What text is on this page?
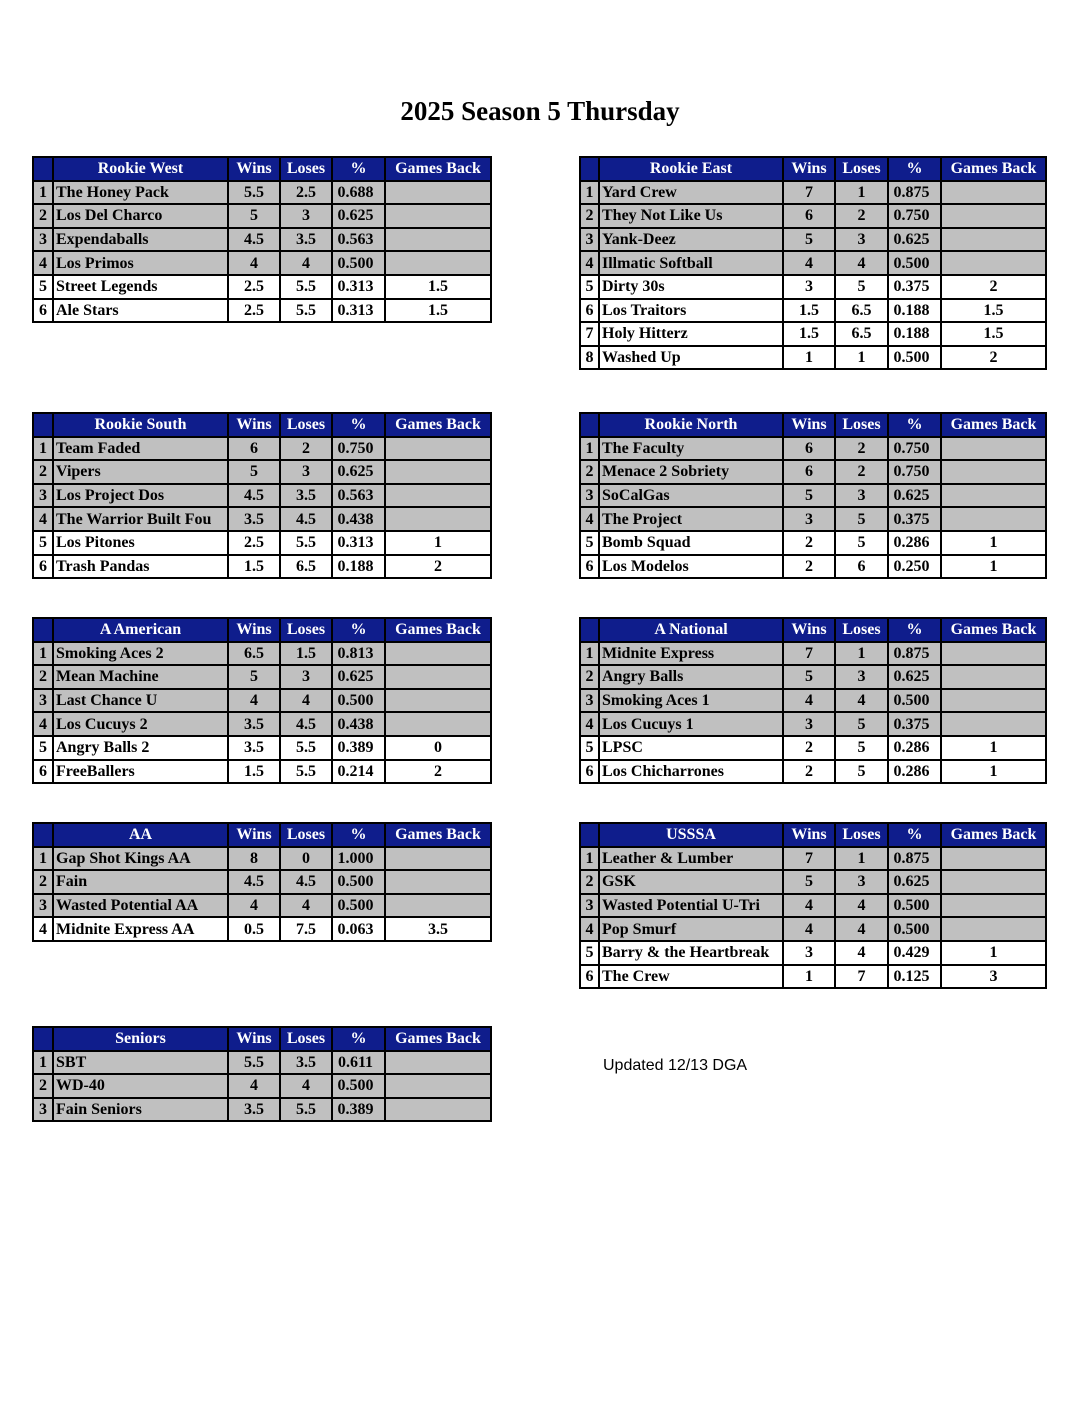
2025 Season 5 Thursday
Updated 12/13 DGA
	Rookie West	Wins	Loses	%	Games Back
1	The Honey Pack	5.5	2.5	0.688	
2	Los Del Charco	5	3	0.625	
3	Expendaballs	4.5	3.5	0.563	
4	Los Primos	4	4	0.500	
5	Street Legends	2.5	5.5	0.313	1.5
6	Ale Stars	2.5	5.5	0.313	1.5
	Rookie East	Wins	Loses	%	Games Back
1	Yard Crew	7	1	0.875	
2	They Not Like Us	6	2	0.750	
3	Yank-Deez	5	3	0.625	
4	Illmatic Softball	4	4	0.500	
5	Dirty 30s	3	5	0.375	2
6	Los Traitors	1.5	6.5	0.188	1.5
7	Holy Hitterz	1.5	6.5	0.188	1.5
8	Washed Up	1	1	0.500	2
	Rookie South	Wins	Loses	%	Games Back
1	Team Faded	6	2	0.750	
2	Vipers	5	3	0.625	
3	Los Project Dos	4.5	3.5	0.563	
4	The Warrior Built Fou	3.5	4.5	0.438	
5	Los Pitones	2.5	5.5	0.313	1
6	Trash Pandas	1.5	6.5	0.188	2
	Rookie North	Wins	Loses	%	Games Back
1	The Faculty	6	2	0.750	
2	Menace 2 Sobriety	6	2	0.750	
3	SoCalGas	5	3	0.625	
4	The Project	3	5	0.375	
5	Bomb Squad	2	5	0.286	1
6	Los Modelos	2	6	0.250	1
	A American	Wins	Loses	%	Games Back
1	Smoking Aces 2	6.5	1.5	0.813	
2	Mean Machine	5	3	0.625	
3	Last Chance U	4	4	0.500	
4	Los Cucuys 2	3.5	4.5	0.438	
5	Angry Balls 2	3.5	5.5	0.389	0
6	FreeBallers	1.5	5.5	0.214	2
	A National	Wins	Loses	%	Games Back
1	Midnite Express	7	1	0.875	
2	Angry Balls	5	3	0.625	
3	Smoking Aces 1	4	4	0.500	
4	Los Cucuys 1	3	5	0.375	
5	LPSC	2	5	0.286	1
6	Los Chicharrones	2	5	0.286	1
	AA	Wins	Loses	%	Games Back
1	Gap Shot Kings AA	8	0	1.000	
2	Fain	4.5	4.5	0.500	
3	Wasted Potential AA	4	4	0.500	
4	Midnite Express AA	0.5	7.5	0.063	3.5
	USSSA	Wins	Loses	%	Games Back
1	Leather & Lumber	7	1	0.875	
2	GSK	5	3	0.625	
3	Wasted Potential U-Tri	4	4	0.500	
4	Pop Smurf	4	4	0.500	
5	Barry & the Heartbreak	3	4	0.429	1
6	The Crew	1	7	0.125	3
	Seniors	Wins	Loses	%	Games Back
1	SBT	5.5	3.5	0.611	
2	WD-40	4	4	0.500	
3	Fain Seniors	3.5	5.5	0.389	
